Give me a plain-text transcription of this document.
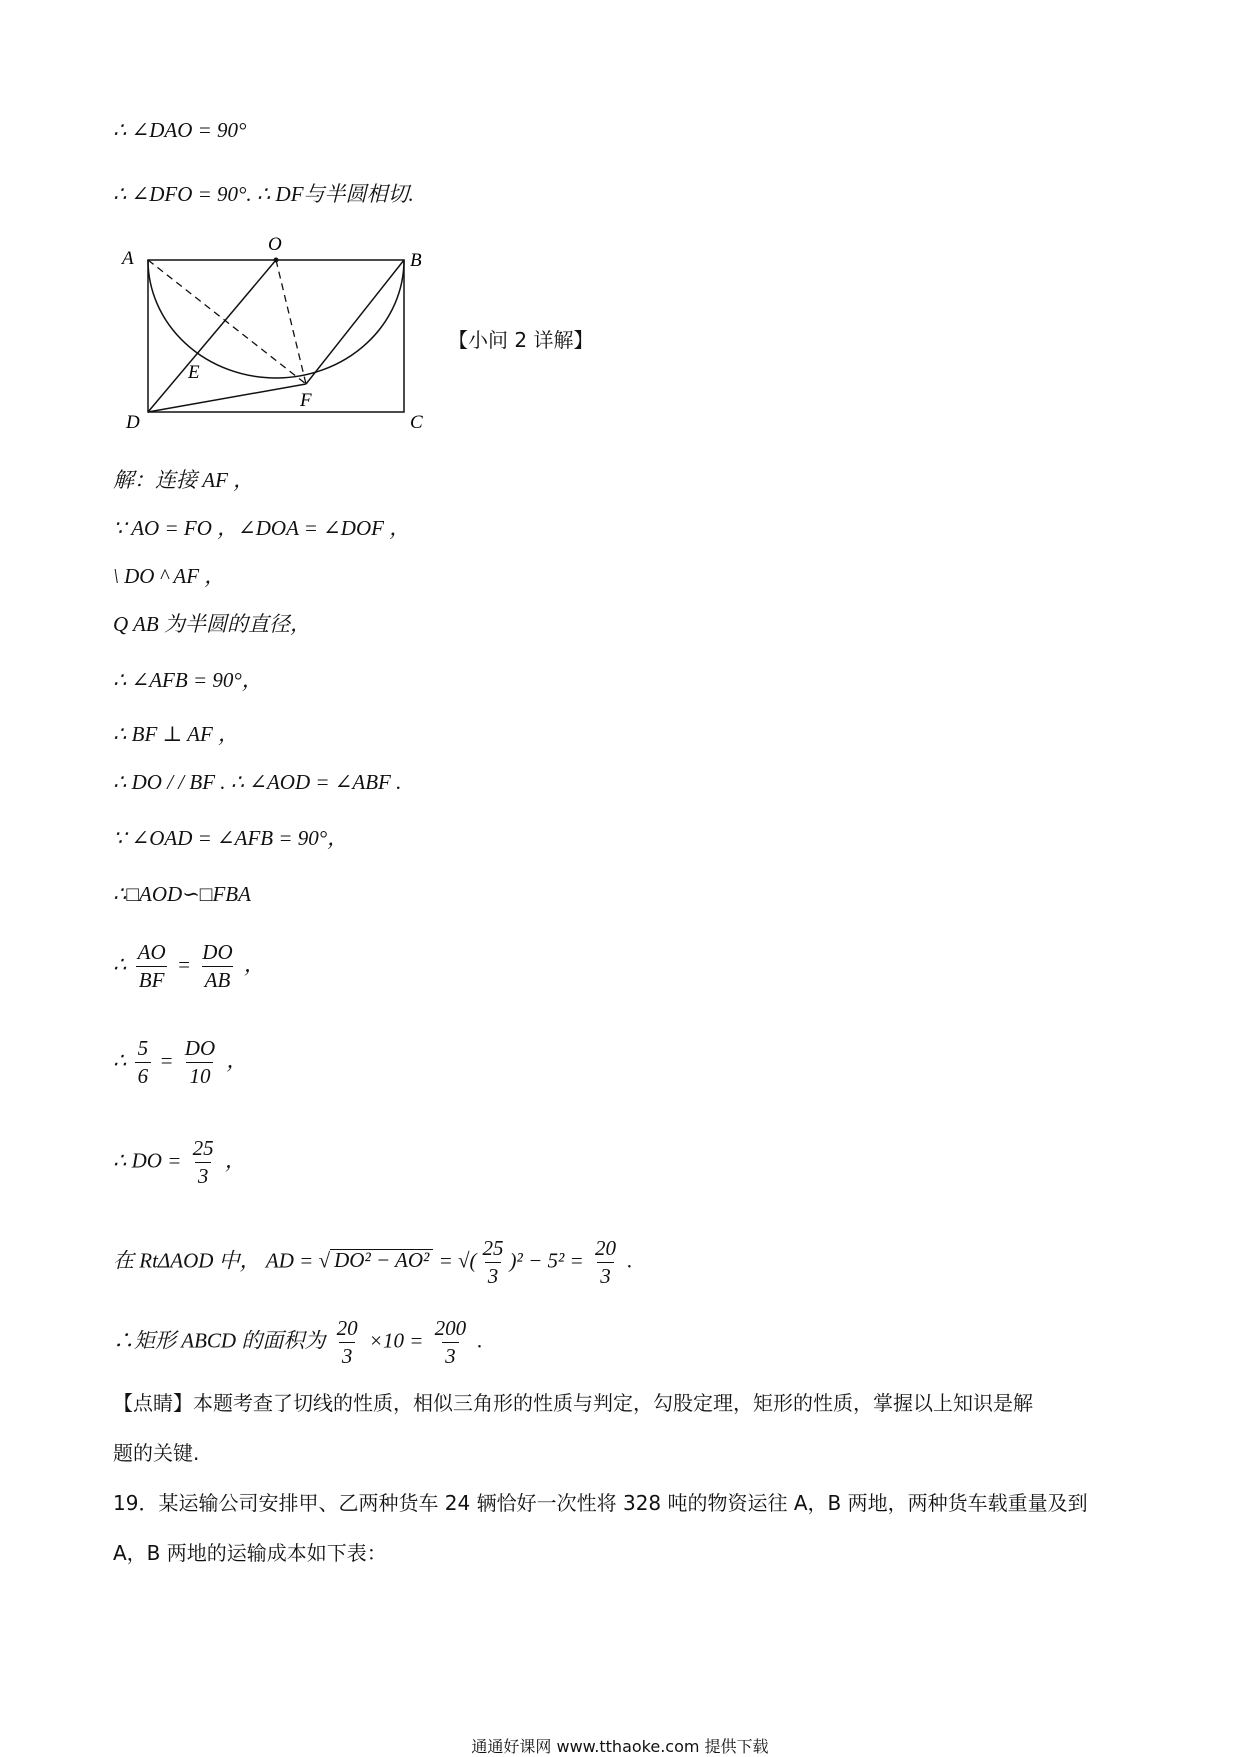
∴ ∠DAO = 90°
∴ ∠DFO = 90°. ∴ DF与半圆相切.
A
O
B
E
F
D	C
【小问 2 详解】
解：连接 AF ，
∵ AO = FO ，∠DOA = ∠DOF ，
\ DO ^ AF ，
Q AB 为半圆的直径，
∴ ∠AFB = 90°，
∴ BF ⊥ AF ，
∴ DO / / BF . ∴ ∠AOD = ∠ABF .
∵ ∠OAD = ∠AFB = 90°，
∴□AOD∽□FBA
∴ $\frac{AO}{BF} = \frac{DO}{AB}$ ，
∴ $\frac{5}{6} = \frac{DO}{10}$ ，
∴ DO = $\frac{25}{3}$ ，
在 RtΔAOD 中， AD = √ DO² − AO² = √( $\frac{25}{3} )^2 - 5^2 = \frac{20}{3}$ .
∴矩形 ABCD 的面积为 $\frac{20}{3} \times 10 = \frac{200}{3}$ .
【点睛】本题考查了切线的性质，相似三角形的性质与判定，勾股定理，矩形的性质，掌握以上知识是解
题的关键.
19．某运输公司安排甲、乙两种货车 24 辆恰好一次性将 328 吨的物资运往 A，B 两地，两种货车载重量及到
A，B 两地的运输成本如下表：
通通好课网 www.tthaoke.com 提供下载
